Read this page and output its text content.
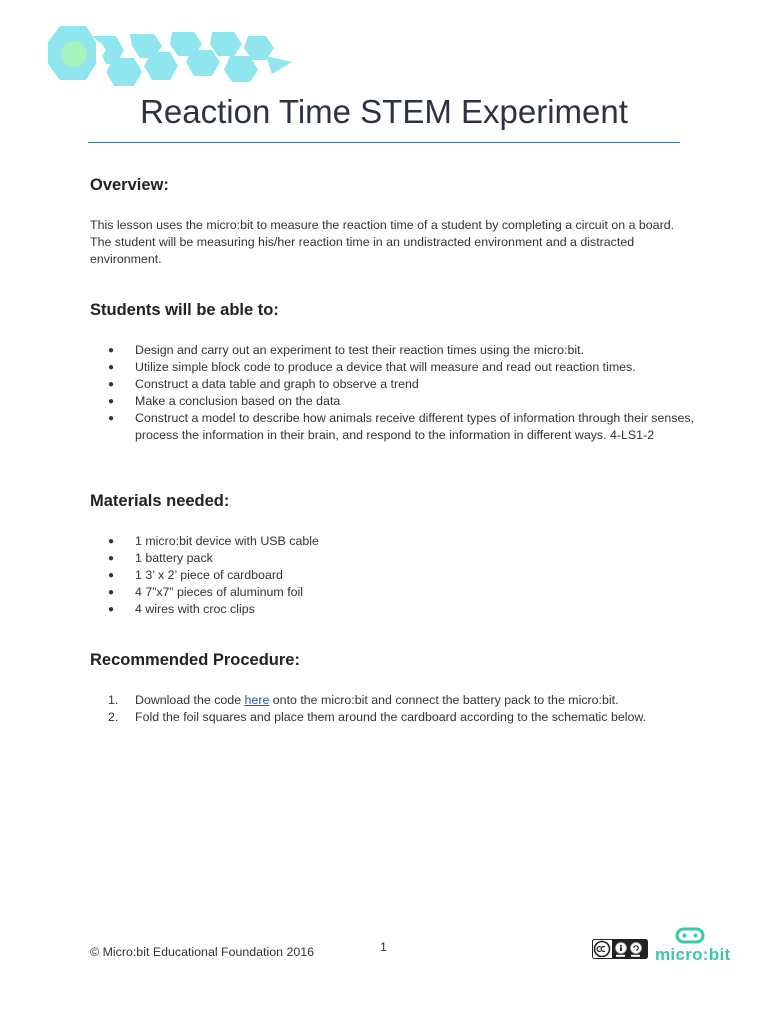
Reaction Time STEM Experiment
Overview:
This lesson uses the micro:bit to measure the reaction time of a student by completing a circuit on a board. The student will be measuring his/her reaction time in an undistracted environment and a distracted environment.
Students will be able to:
●	Design and carry out an experiment to test their reaction times using the micro:bit.
●	Utilize simple block code to produce a device that will measure and read out reaction times.
●	Construct a data table and graph to observe a trend
●	Make a conclusion based on the data
●	Construct a model to describe how animals receive different types of information through their senses, process the information in their brain, and respond to the information in different ways. 4-LS1-2
Materials needed:
●	1 micro:bit device with USB cable
●	1 battery pack
●	1 3’ x 2’ piece of cardboard
●	4 7”x7” pieces of aluminum foil
●	4 wires with croc clips
Recommended Procedure:
1.	Download the code here onto the micro:bit and connect the battery pack to the micro:bit.
2.	Fold the foil squares and place them around the cardboard according to the schematic below.
© Micro:bit Educational Foundation 2016	1	micro:bit
